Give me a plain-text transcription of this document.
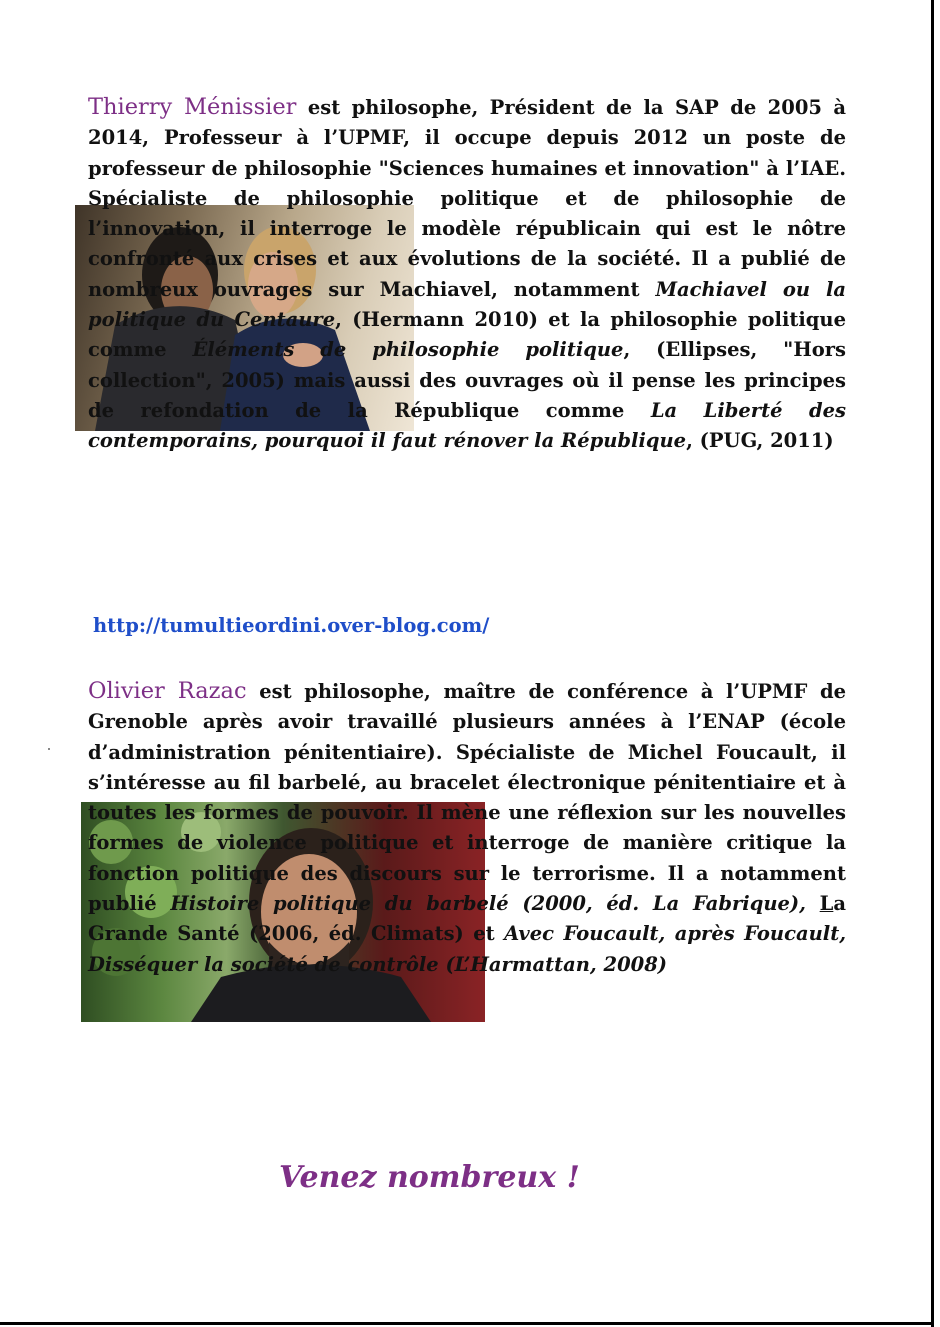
Thierry Ménissier est philosophe, Président de la SAP de 2005 à 2014, Professeur à l’UPMF, il occupe depuis 2012 un poste de professeur de philosophie "Sciences humaines et innovation" à l’IAE. Spécialiste de philosophie politique et de philosophie de l’innovation, il interroge le modèle républicain qui est le nôtre confronté aux crises et aux évolutions de la société. Il a publié de nombreux ouvrages sur Machiavel, notamment Machiavel ou la politique du Centaure, (Hermann 2010) et la philosophie politique comme Éléments de philosophie politique, (Ellipses, "Hors collection", 2005) mais aussi des ouvrages où il pense les principes de refondation de la République comme La Liberté des contemporains, pourquoi il faut rénover la République, (PUG, 2011)

http://tumultieordini.over-blog.com/

Olivier Razac est philosophe, maître de conférence à l’UPMF de Grenoble après avoir travaillé plusieurs années à l’ENAP (école d’administration pénitentiaire). Spécialiste de Michel Foucault, il s’intéresse au fil barbelé, au bracelet électronique pénitentiaire et à toutes les formes de pouvoir. Il mène une réflexion sur les nouvelles formes de violence politique et interroge de manière critique la fonction politique des discours sur le terrorisme. Il a notamment publié Histoire politique du barbelé (2000, éd. La Fabrique), La Grande Santé (2006, éd. Climats) et Avec Foucault, après Foucault, Disséquer la société de contrôle (L’Harmattan, 2008)

Venez nombreux !
